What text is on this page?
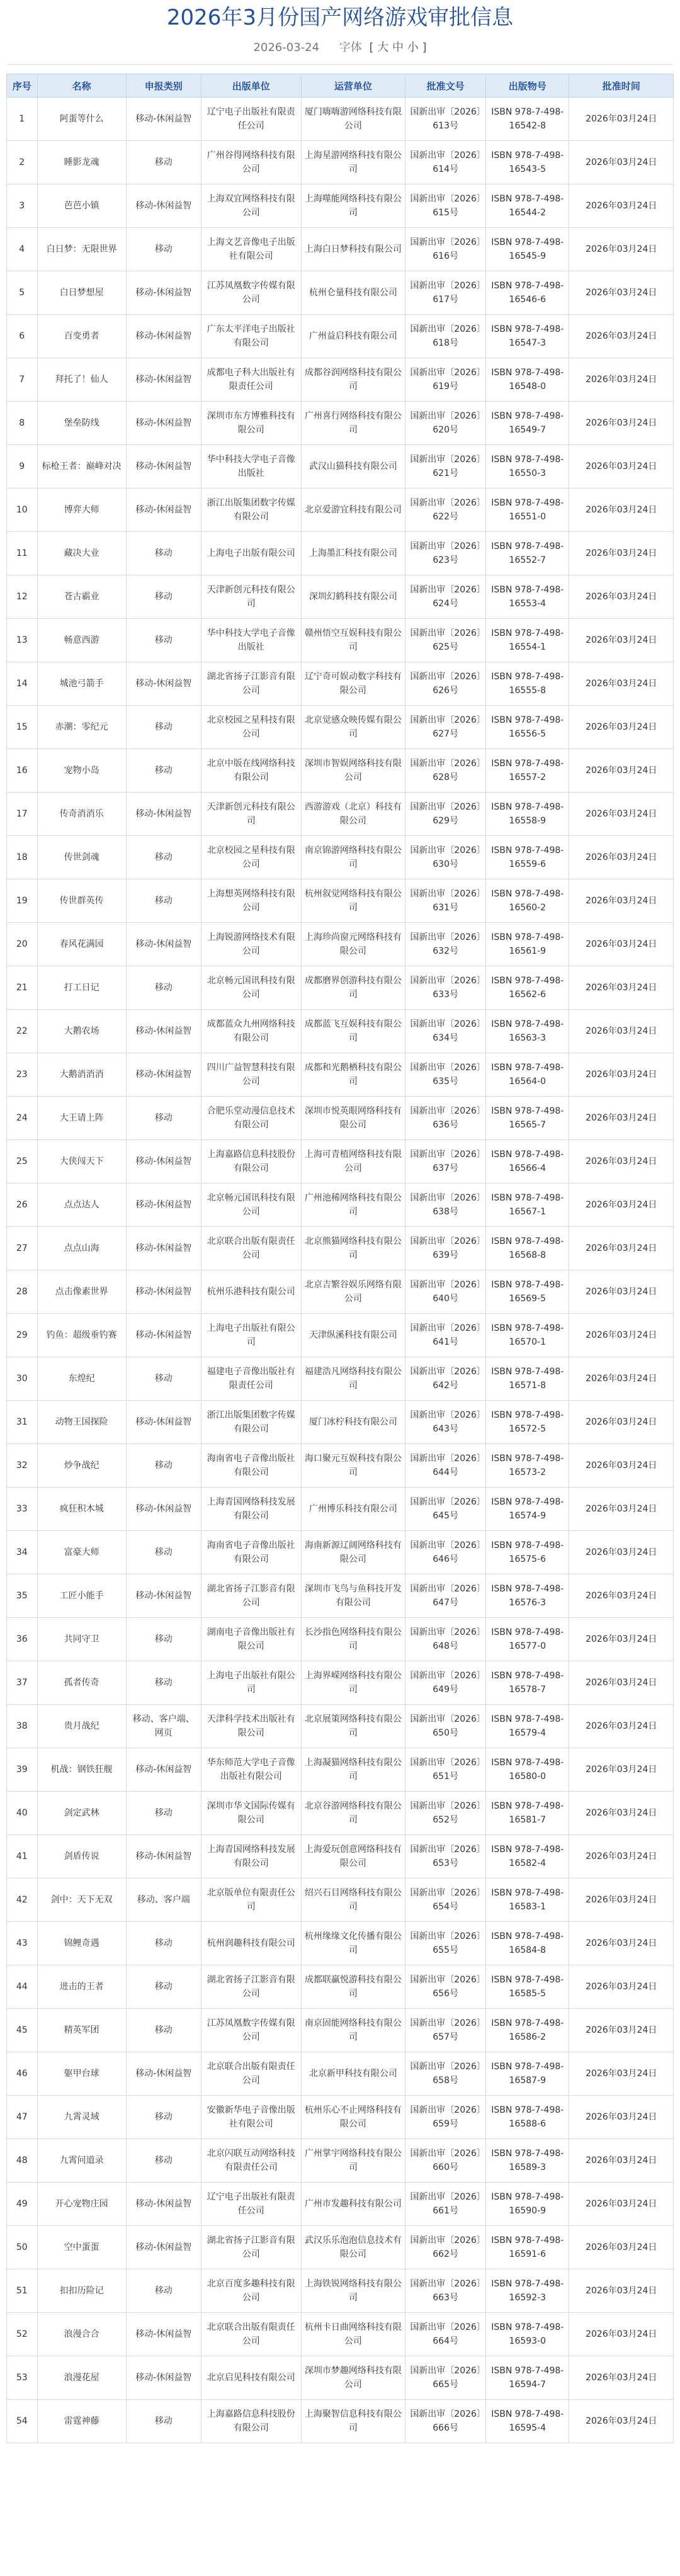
2026年3月份国产网络游戏审批信息
2026-03-24 字体 [ 大 中 小 ]
序号	名称	申报类别	出版单位	运营单位	批准文号	出版物号	批准时间
1	阿蛋等什么	移动-休闲益智	辽宁电子出版社有限责任公司	厦门嗨嗨游网络科技有限公司	国新出审〔2026〕613号	ISBN 978-7-498-16542-8	2026年03月24日
2	睡影龙魂	移动	广州谷得网络科技有限公司	上海星游网络科技有限公司	国新出审〔2026〕614号	ISBN 978-7-498-16543-5	2026年03月24日
3	芭芭小镇	移动-休闲益智	上海双宜网络科技有限公司	上海噬能网络科技有限公司	国新出审〔2026〕615号	ISBN 978-7-498-16544-2	2026年03月24日
4	白日梦：无限世界	移动	上海文艺音像电子出版社有限公司	上海白日梦科技有限公司	国新出审〔2026〕616号	ISBN 978-7-498-16545-9	2026年03月24日
5	白日梦想屋	移动-休闲益智	江苏凤凰数字传媒有限公司	杭州仑量科技有限公司	国新出审〔2026〕617号	ISBN 978-7-498-16546-6	2026年03月24日
6	百变勇者	移动-休闲益智	广东太平洋电子出版社有限公司	广州益启科技有限公司	国新出审〔2026〕618号	ISBN 978-7-498-16547-3	2026年03月24日
7	拜托了！仙人	移动-休闲益智	成都电子科大出版社有限责任公司	成都谷润网络科技有限公司	国新出审〔2026〕619号	ISBN 978-7-498-16548-0	2026年03月24日
8	堡垒防线	移动-休闲益智	深圳市东方博雅科技有限公司	广州喜行网络科技有限公司	国新出审〔2026〕620号	ISBN 978-7-498-16549-7	2026年03月24日
9	标枪王者：巅峰对决	移动-休闲益智	华中科技大学电子音像出版社	武汉山猫科技有限公司	国新出审〔2026〕621号	ISBN 978-7-498-16550-3	2026年03月24日
10	博弈大师	移动-休闲益智	浙江出版集团数字传媒有限公司	北京爱游宜科技有限公司	国新出审〔2026〕622号	ISBN 978-7-498-16551-0	2026年03月24日
11	藏决大业	移动	上海电子出版有限公司	上海墨汇科技有限公司	国新出审〔2026〕623号	ISBN 978-7-498-16552-7	2026年03月24日
12	苍古霸业	移动	天津新创元科技有限公司	深圳幻鹤科技有限公司	国新出审〔2026〕624号	ISBN 978-7-498-16553-4	2026年03月24日
13	畅意西游	移动	华中科技大学电子音像出版社	赣州悟空互娱科技有限公司	国新出审〔2026〕625号	ISBN 978-7-498-16554-1	2026年03月24日
14	城池弓箭手	移动-休闲益智	湖北省扬子江影音有限公司	辽宁奇可娱动数字科技有限公司	国新出审〔2026〕626号	ISBN 978-7-498-16555-8	2026年03月24日
15	赤潮：零纪元	移动	北京校园之星科技有限公司	北京觉感众映传媒有限公司	国新出审〔2026〕627号	ISBN 978-7-498-16556-5	2026年03月24日
16	宠物小岛	移动	北京中版在线网络科技有限公司	深圳市智娱网络科技有限公司	国新出审〔2026〕628号	ISBN 978-7-498-16557-2	2026年03月24日
17	传奇消消乐	移动-休闲益智	天津新创元科技有限公司	西游游戏（北京）科技有限公司	国新出审〔2026〕629号	ISBN 978-7-498-16558-9	2026年03月24日
18	传世剑魂	移动	北京校园之星科技有限公司	南京锦游网络科技有限公司	国新出审〔2026〕630号	ISBN 978-7-498-16559-6	2026年03月24日
19	传世群英传	移动	上海想英网络科技有限公司	杭州叙觉网络科技有限公司	国新出审〔2026〕631号	ISBN 978-7-498-16560-2	2026年03月24日
20	春风花满园	移动-休闲益智	上海锐游网络技术有限公司	上海珍尚窗元网络科技有限公司	国新出审〔2026〕632号	ISBN 978-7-498-16561-9	2026年03月24日
21	打工日记	移动	北京畅元国讯科技有限公司	成都磨界创游科技有限公司	国新出审〔2026〕633号	ISBN 978-7-498-16562-6	2026年03月24日
22	大鹅农场	移动-休闲益智	成都蓝众九州网络科技有限公司	成都蓝飞互娱科技有限公司	国新出审〔2026〕634号	ISBN 978-7-498-16563-3	2026年03月24日
23	大鹅消消消	移动-休闲益智	四川广益智慧科技有限公司	成都和光鹅栖科技有限公司	国新出审〔2026〕635号	ISBN 978-7-498-16564-0	2026年03月24日
24	大王请上阵	移动	合肥乐堂动漫信息技术有限公司	深圳市悦英眼网络科技有限公司	国新出审〔2026〕636号	ISBN 978-7-498-16565-7	2026年03月24日
25	大侠闯天下	移动-休闲益智	上海嘉路信息科技股份有限公司	上海可青植网络科技有限公司	国新出审〔2026〕637号	ISBN 978-7-498-16566-4	2026年03月24日
26	点点达人	移动-休闲益智	北京畅元国讯科技有限公司	广州池稀网络科技有限公司	国新出审〔2026〕638号	ISBN 978-7-498-16567-1	2026年03月24日
27	点点山海	移动-休闲益智	北京联合出版有限责任公司	北京熊猫网络科技有限公司	国新出审〔2026〕639号	ISBN 978-7-498-16568-8	2026年03月24日
28	点击像素世界	移动-休闲益智	杭州乐港科技有限公司	北京吉繁谷娱乐网络有限公司	国新出审〔2026〕640号	ISBN 978-7-498-16569-5	2026年03月24日
29	钓鱼：超级垂钓赛	移动-休闲益智	上海电子出版社有限公司	天津纵溪科技有限公司	国新出审〔2026〕641号	ISBN 978-7-498-16570-1	2026年03月24日
30	东煌纪	移动	福建电子音像出版社有限责任公司	福建浩凡网络科技有限公司	国新出审〔2026〕642号	ISBN 978-7-498-16571-8	2026年03月24日
31	动物王国探险	移动-休闲益智	浙江出版集团数字传媒有限公司	厦门冰柠科技有限公司	国新出审〔2026〕643号	ISBN 978-7-498-16572-5	2026年03月24日
32	炒争战纪	移动	海南省电子音像出版社有限公司	海口聚元互娱科技有限公司	国新出审〔2026〕644号	ISBN 978-7-498-16573-2	2026年03月24日
33	疯狂积木城	移动-休闲益智	上海青国网络科技发展有限公司	广州博乐科技有限公司	国新出审〔2026〕645号	ISBN 978-7-498-16574-9	2026年03月24日
34	富豪大师	移动	海南省电子音像出版社有限公司	海南新源辽阔网络科技有限公司	国新出审〔2026〕646号	ISBN 978-7-498-16575-6	2026年03月24日
35	工匠小能手	移动-休闲益智	湖北省扬子江影音有限公司	深圳市飞鸟与鱼科技开发有限公司	国新出审〔2026〕647号	ISBN 978-7-498-16576-3	2026年03月24日
36	共同守卫	移动	湖南电子音像出版社有限公司	长沙指色网络科技有限公司	国新出审〔2026〕648号	ISBN 978-7-498-16577-0	2026年03月24日
37	孤者传奇	移动	上海电子出版社有限公司	上海界嵘网络科技有限公司	国新出审〔2026〕649号	ISBN 978-7-498-16578-7	2026年03月24日
38	贵月战纪	移动、客户端、网页	天津科学技术出版社有限公司	北京展策网络科技有限公司	国新出审〔2026〕650号	ISBN 978-7-498-16579-4	2026年03月24日
39	机战：钢铁狂舰	移动-休闲益智	华东师范大学电子音像出版社有限公司	上海凝猫网络科技有限公司	国新出审〔2026〕651号	ISBN 978-7-498-16580-0	2026年03月24日
40	剑定武林	移动	深圳市华文国际传媒有限公司	北京谷游网络科技有限公司	国新出审〔2026〕652号	ISBN 978-7-498-16581-7	2026年03月24日
41	剑盾传说	移动-休闲益智	上海青国网络科技发展有限公司	上海爱玩创意网络科技有限公司	国新出审〔2026〕653号	ISBN 978-7-498-16582-4	2026年03月24日
42	剑中：天下无双	移动、客户端	北京版单位有限责任公司	绍兴石目网络科技有限公司	国新出审〔2026〕654号	ISBN 978-7-498-16583-1	2026年03月24日
43	锦鲤奇遇	移动	杭州润趣科技有限公司	杭州缘缘文化传播有限公司	国新出审〔2026〕655号	ISBN 978-7-498-16584-8	2026年03月24日
44	进击的王者	移动	湖北省扬子江影音有限公司	成都联赢悦游科技有限公司	国新出审〔2026〕656号	ISBN 978-7-498-16585-5	2026年03月24日
45	精英军团	移动	江苏凤凰数字传媒有限公司	南京固能网络科技有限公司	国新出审〔2026〕657号	ISBN 978-7-498-16586-2	2026年03月24日
46	躯甲台球	移动-休闲益智	北京联合出版有限责任公司	北京新甲科技有限公司	国新出审〔2026〕658号	ISBN 978-7-498-16587-9	2026年03月24日
47	九霄灵域	移动	安徽新华电子音像出版社有限公司	杭州乐心不止网络科技有限公司	国新出审〔2026〕659号	ISBN 978-7-498-16588-6	2026年03月24日
48	九霄问道录	移动	北京闪联互动网络科技有限责任公司	广州掌宇网络科技有限公司	国新出审〔2026〕660号	ISBN 978-7-498-16589-3	2026年03月24日
49	开心宠物庄园	移动-休闲益智	辽宁电子出版社有限责任公司	广州市发趣科技有限公司	国新出审〔2026〕661号	ISBN 978-7-498-16590-9	2026年03月24日
50	空中蛋蛋	移动-休闲益智	湖北省扬子江影音有限公司	武汉乐乐泡泡信息技术有限公司	国新出审〔2026〕662号	ISBN 978-7-498-16591-6	2026年03月24日
51	扣扣历险记	移动	北京百度多趣科技有限公司	上海铁锐网络科技有限公司	国新出审〔2026〕663号	ISBN 978-7-498-16592-3	2026年03月24日
52	浪漫合合	移动-休闲益智	北京联合出版有限责任公司	杭州卡日曲网络科技有限公司	国新出审〔2026〕664号	ISBN 978-7-498-16593-0	2026年03月24日
53	浪漫花屋	移动-休闲益智	北京启见科技有限公司	深圳市梦趣网络科技有限公司	国新出审〔2026〕665号	ISBN 978-7-498-16594-7	2026年03月24日
54	雷霆神藤	移动	上海嘉路信息科技股份有限公司	上海聚智信息科技有限公司	国新出审〔2026〕666号	ISBN 978-7-498-16595-4	2026年03月24日
